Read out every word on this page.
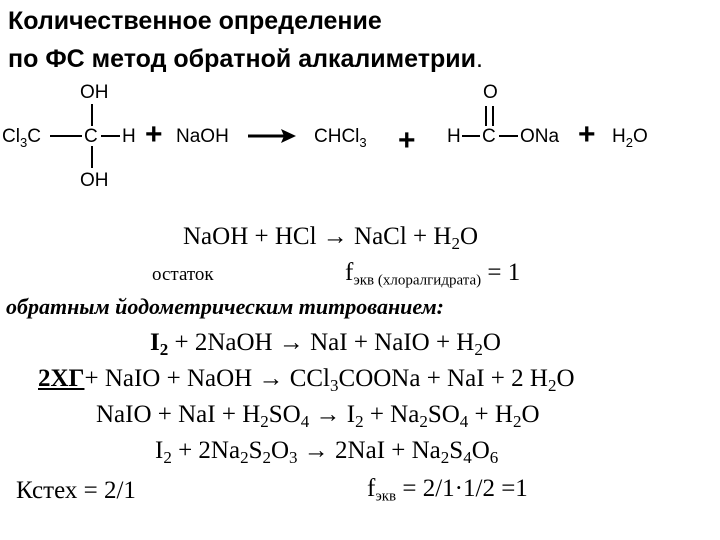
Количественное определение
по ФС метод обратной алкалиметрии.
OH
$Cl_3C$ C H
OH
+ NaOH	CHCl$_3$ +
O
H C ONa + $H_2O$
NaOH + HCl → NaCl + $H_2O$
остаток	$f_{экв (хлоралгидрата)} = 1$
обратным йодометрическим титрованием:
$I_2$ + 2NaOH → NaI + NaIO + $H_2O$
2ХГ+ NaIO + NaOH → CCl$_3$COONa + NaI + 2 $H_2O$
NaIO + NaI + $H_2SO_4 \to I_2 + Na_2SO_4 + H_2O$
$I_2 + 2Na_2S_2O_3 \to 2NaI + Na_2S_4O_6$
Кстех = 2/1	$f_{экв} = 2/1\cdot 1/2 =1$
